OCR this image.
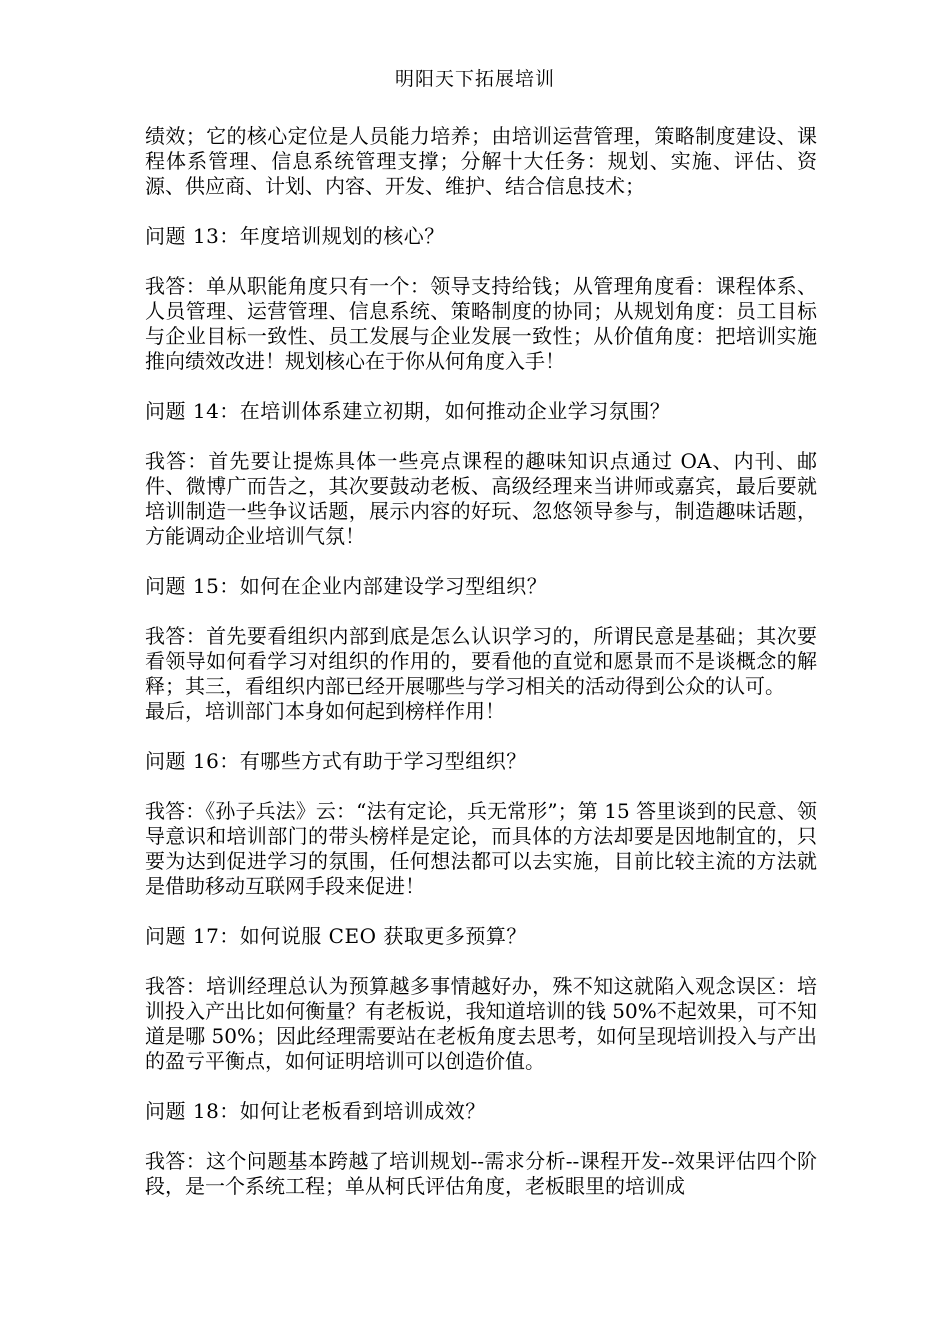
明阳天下拓展培训

绩效；它的核心定位是人员能力培养；由培训运营管理，策略制度建设、课程体系管理、信息系统管理支撑；分解十大任务：规划、实施、评估、资源、供应商、计划、内容、开发、维护、结合信息技术；

问题 13：年度培训规划的核心？

我答：单从职能角度只有一个：领导支持给钱；从管理角度看：课程体系、人员管理、运营管理、信息系统、策略制度的协同；从规划角度：员工目标与企业目标一致性、员工发展与企业发展一致性；从价值角度：把培训实施推向绩效改进！规划核心在于你从何角度入手！

问题 14：在培训体系建立初期，如何推动企业学习氛围？

我答：首先要让提炼具体一些亮点课程的趣味知识点通过 OA、内刊、邮件、微博广而告之，其次要鼓动老板、高级经理来当讲师或嘉宾，最后要就培训制造一些争议话题，展示内容的好玩、忽悠领导参与，制造趣味话题，方能调动企业培训气氛！

问题 15：如何在企业内部建设学习型组织？

我答：首先要看组织内部到底是怎么认识学习的，所谓民意是基础；其次要看领导如何看学习对组织的作用的，要看他的直觉和愿景而不是谈概念的解释；其三，看组织内部已经开展哪些与学习相关的活动得到公众的认可。

最后，培训部门本身如何起到榜样作用！

问题 16：有哪些方式有助于学习型组织？

我答：《孙子兵法》云：“法有定论，兵无常形”；第 15 答里谈到的民意、领导意识和培训部门的带头榜样是定论，而具体的方法却要是因地制宜的，只要为达到促进学习的氛围，任何想法都可以去实施，目前比较主流的方法就是借助移动互联网手段来促进！

问题 17：如何说服 CEO 获取更多预算？

我答：培训经理总认为预算越多事情越好办，殊不知这就陷入观念误区：培训投入产出比如何衡量？有老板说，我知道培训的钱 50%不起效果，可不知道是哪 50%；因此经理需要站在老板角度去思考，如何呈现培训投入与产出的盈亏平衡点，如何证明培训可以创造价值。

问题 18：如何让老板看到培训成效？

我答：这个问题基本跨越了培训规划--需求分析--课程开发--效果评估四个阶段，是一个系统工程；单从柯氏评估角度，老板眼里的培训成
